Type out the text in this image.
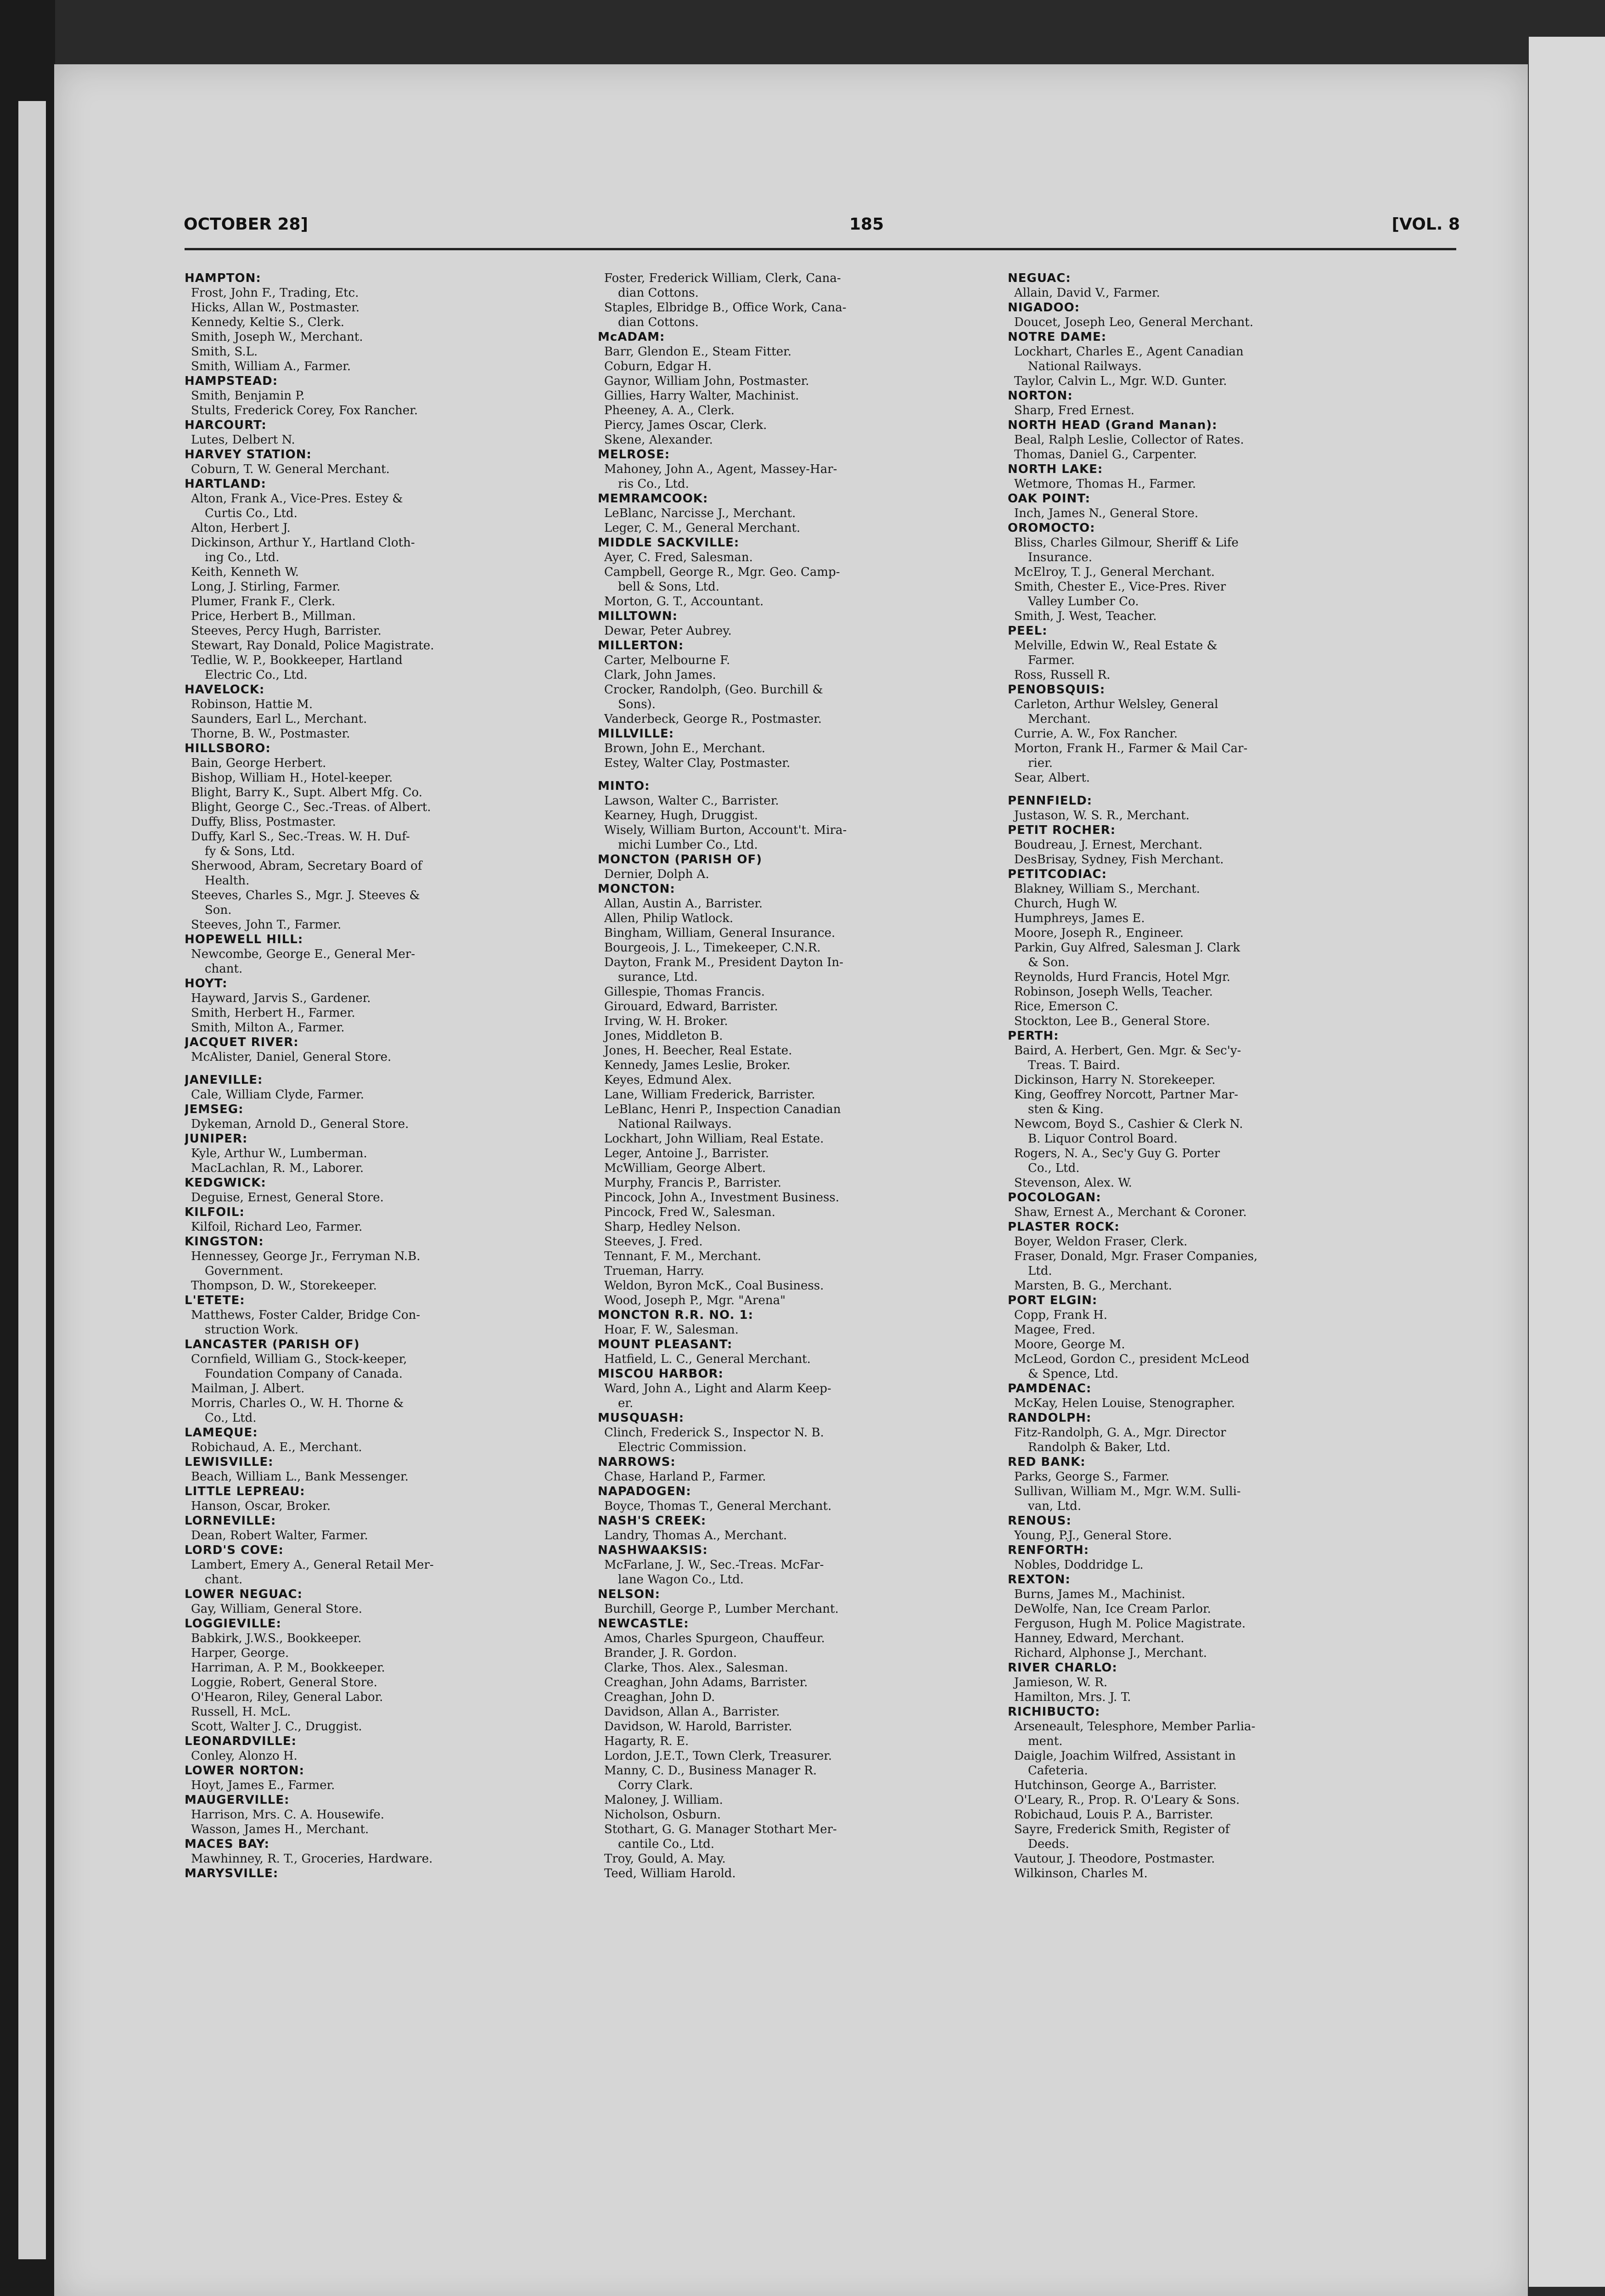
OCTOBER 28]	185	[VOL. 8
HAMPTON:
Frost, John F., Trading, Etc.
Hicks, Allan W., Postmaster.
Kennedy, Keltie S., Clerk.
Smith, Joseph W., Merchant.
Smith, S.L.
Smith, William A., Farmer.
HAMPSTEAD:
Smith, Benjamin P.
Stults, Frederick Corey, Fox Rancher.
HARCOURT:
Lutes, Delbert N.
HARVEY STATION:
Coburn, T. W. General Merchant.
HARTLAND:
Alton, Frank A., Vice-Pres. Estey &
Curtis Co., Ltd.
Alton, Herbert J.
Dickinson, Arthur Y., Hartland Cloth-
ing Co., Ltd.
Keith, Kenneth W.
Long, J. Stirling, Farmer.
Plumer, Frank F., Clerk.
Price, Herbert B., Millman.
Steeves, Percy Hugh, Barrister.
Stewart, Ray Donald, Police Magistrate.
Tedlie, W. P., Bookkeeper, Hartland
Electric Co., Ltd.
HAVELOCK:
Robinson, Hattie M.
Saunders, Earl L., Merchant.
Thorne, B. W., Postmaster.
HILLSBORO:
Bain, George Herbert.
Bishop, William H., Hotel-keeper.
Blight, Barry K., Supt. Albert Mfg. Co.
Blight, George C., Sec.-Treas. of Albert.
Duffy, Bliss, Postmaster.
Duffy, Karl S., Sec.-Treas. W. H. Duf-
fy & Sons, Ltd.
Sherwood, Abram, Secretary Board of
Health.
Steeves, Charles S., Mgr. J. Steeves &
Son.
Steeves, John T., Farmer.
HOPEWELL HILL:
Newcombe, George E., General Mer-
chant.
HOYT:
Hayward, Jarvis S., Gardener.
Smith, Herbert H., Farmer.
Smith, Milton A., Farmer.
JACQUET RIVER:
McAlister, Daniel, General Store.
JANEVILLE:
Cale, William Clyde, Farmer.
JEMSEG:
Dykeman, Arnold D., General Store.
JUNIPER:
Kyle, Arthur W., Lumberman.
MacLachlan, R. M., Laborer.
KEDGWICK:
Deguise, Ernest, General Store.
KILFOIL:
Kilfoil, Richard Leo, Farmer.
KINGSTON:
Hennessey, George Jr., Ferryman N.B.
Government.
Thompson, D. W., Storekeeper.
L'ETETE:
Matthews, Foster Calder, Bridge Con-
struction Work.
LANCASTER (PARISH OF)
Cornfield, William G., Stock-keeper,
Foundation Company of Canada.
Mailman, J. Albert.
Morris, Charles O., W. H. Thorne &
Co., Ltd.
LAMEQUE:
Robichaud, A. E., Merchant.
LEWISVILLE:
Beach, William L., Bank Messenger.
LITTLE LEPREAU:
Hanson, Oscar, Broker.
LORNEVILLE:
Dean, Robert Walter, Farmer.
LORD'S COVE:
Lambert, Emery A., General Retail Mer-
chant.
LOWER NEGUAC:
Gay, William, General Store.
LOGGIEVILLE:
Babkirk, J.W.S., Bookkeeper.
Harper, George.
Harriman, A. P. M., Bookkeeper.
Loggie, Robert, General Store.
O'Hearon, Riley, General Labor.
Russell, H. McL.
Scott, Walter J. C., Druggist.
LEONARDVILLE:
Conley, Alonzo H.
LOWER NORTON:
Hoyt, James E., Farmer.
MAUGERVILLE:
Harrison, Mrs. C. A. Housewife.
Wasson, James H., Merchant.
MACES BAY:
Mawhinney, R. T., Groceries, Hardware.
MARYSVILLE:
Foster, Frederick William, Clerk, Cana-
dian Cottons.
Staples, Elbridge B., Office Work, Cana-
dian Cottons.
McADAM:
Barr, Glendon E., Steam Fitter.
Coburn, Edgar H.
Gaynor, William John, Postmaster.
Gillies, Harry Walter, Machinist.
Pheeney, A. A., Clerk.
Piercy, James Oscar, Clerk.
Skene, Alexander.
MELROSE:
Mahoney, John A., Agent, Massey-Har-
ris Co., Ltd.
MEMRAMCOOK:
LeBlanc, Narcisse J., Merchant.
Leger, C. M., General Merchant.
MIDDLE SACKVILLE:
Ayer, C. Fred, Salesman.
Campbell, George R., Mgr. Geo. Camp-
bell & Sons, Ltd.
Morton, G. T., Accountant.
MILLTOWN:
Dewar, Peter Aubrey.
MILLERTON:
Carter, Melbourne F.
Clark, John James.
Crocker, Randolph, (Geo. Burchill &
Sons).
Vanderbeck, George R., Postmaster.
MILLVILLE:
Brown, John E., Merchant.
Estey, Walter Clay, Postmaster.
MINTO:
Lawson, Walter C., Barrister.
Kearney, Hugh, Druggist.
Wisely, William Burton, Account't. Mira-
michi Lumber Co., Ltd.
MONCTON (PARISH OF)
Dernier, Dolph A.
MONCTON:
Allan, Austin A., Barrister.
Allen, Philip Watlock.
Bingham, William, General Insurance.
Bourgeois, J. L., Timekeeper, C.N.R.
Dayton, Frank M., President Dayton In-
surance, Ltd.
Gillespie, Thomas Francis.
Girouard, Edward, Barrister.
Irving, W. H. Broker.
Jones, Middleton B.
Jones, H. Beecher, Real Estate.
Kennedy, James Leslie, Broker.
Keyes, Edmund Alex.
Lane, William Frederick, Barrister.
LeBlanc, Henri P., Inspection Canadian
National Railways.
Lockhart, John William, Real Estate.
Leger, Antoine J., Barrister.
McWilliam, George Albert.
Murphy, Francis P., Barrister.
Pincock, John A., Investment Business.
Pincock, Fred W., Salesman.
Sharp, Hedley Nelson.
Steeves, J. Fred.
Tennant, F. M., Merchant.
Trueman, Harry.
Weldon, Byron McK., Coal Business.
Wood, Joseph P., Mgr. "Arena"
MONCTON R.R. NO. 1:
Hoar, F. W., Salesman.
MOUNT PLEASANT:
Hatfield, L. C., General Merchant.
MISCOU HARBOR:
Ward, John A., Light and Alarm Keep-
er.
MUSQUASH:
Clinch, Frederick S., Inspector N. B.
Electric Commission.
NARROWS:
Chase, Harland P., Farmer.
NAPADOGEN:
Boyce, Thomas T., General Merchant.
NASH'S CREEK:
Landry, Thomas A., Merchant.
NASHWAAKSIS:
McFarlane, J. W., Sec.-Treas. McFar-
lane Wagon Co., Ltd.
NELSON:
Burchill, George P., Lumber Merchant.
NEWCASTLE:
Amos, Charles Spurgeon, Chauffeur.
Brander, J. R. Gordon.
Clarke, Thos. Alex., Salesman.
Creaghan, John Adams, Barrister.
Creaghan, John D.
Davidson, Allan A., Barrister.
Davidson, W. Harold, Barrister.
Hagarty, R. E.
Lordon, J.E.T., Town Clerk, Treasurer.
Manny, C. D., Business Manager R.
Corry Clark.
Maloney, J. William.
Nicholson, Osburn.
Stothart, G. G. Manager Stothart Mer-
cantile Co., Ltd.
Troy, Gould, A. May.
Teed, William Harold.
NEGUAC:
Allain, David V., Farmer.
NIGADOO:
Doucet, Joseph Leo, General Merchant.
NOTRE DAME:
Lockhart, Charles E., Agent Canadian
National Railways.
Taylor, Calvin L., Mgr. W.D. Gunter.
NORTON:
Sharp, Fred Ernest.
NORTH HEAD (Grand Manan):
Beal, Ralph Leslie, Collector of Rates.
Thomas, Daniel G., Carpenter.
NORTH LAKE:
Wetmore, Thomas H., Farmer.
OAK POINT:
Inch, James N., General Store.
OROMOCTO:
Bliss, Charles Gilmour, Sheriff & Life
Insurance.
McElroy, T. J., General Merchant.
Smith, Chester E., Vice-Pres. River
Valley Lumber Co.
Smith, J. West, Teacher.
PEEL:
Melville, Edwin W., Real Estate &
Farmer.
Ross, Russell R.
PENOBSQUIS:
Carleton, Arthur Welsley, General
Merchant.
Currie, A. W., Fox Rancher.
Morton, Frank H., Farmer & Mail Car-
rier.
Sear, Albert.
PENNFIELD:
Justason, W. S. R., Merchant.
PETIT ROCHER:
Boudreau, J. Ernest, Merchant.
DesBrisay, Sydney, Fish Merchant.
PETITCODIAC:
Blakney, William S., Merchant.
Church, Hugh W.
Humphreys, James E.
Moore, Joseph R., Engineer.
Parkin, Guy Alfred, Salesman J. Clark
& Son.
Reynolds, Hurd Francis, Hotel Mgr.
Robinson, Joseph Wells, Teacher.
Rice, Emerson C.
Stockton, Lee B., General Store.
PERTH:
Baird, A. Herbert, Gen. Mgr. & Sec'y-
Treas. T. Baird.
Dickinson, Harry N. Storekeeper.
King, Geoffrey Norcott, Partner Mar-
sten & King.
Newcom, Boyd S., Cashier & Clerk N.
B. Liquor Control Board.
Rogers, N. A., Sec'y Guy G. Porter
Co., Ltd.
Stevenson, Alex. W.
POCOLOGAN:
Shaw, Ernest A., Merchant & Coroner.
PLASTER ROCK:
Boyer, Weldon Fraser, Clerk.
Fraser, Donald, Mgr. Fraser Companies,
Ltd.
Marsten, B. G., Merchant.
PORT ELGIN:
Copp, Frank H.
Magee, Fred.
Moore, George M.
McLeod, Gordon C., president McLeod
& Spence, Ltd.
PAMDENAC:
McKay, Helen Louise, Stenographer.
RANDOLPH:
Fitz-Randolph, G. A., Mgr. Director
Randolph & Baker, Ltd.
RED BANK:
Parks, George S., Farmer.
Sullivan, William M., Mgr. W.M. Sulli-
van, Ltd.
RENOUS:
Young, P.J., General Store.
RENFORTH:
Nobles, Doddridge L.
REXTON:
Burns, James M., Machinist.
DeWolfe, Nan, Ice Cream Parlor.
Ferguson, Hugh M. Police Magistrate.
Hanney, Edward, Merchant.
Richard, Alphonse J., Merchant.
RIVER CHARLO:
Jamieson, W. R.
Hamilton, Mrs. J. T.
RICHIBUCTO:
Arseneault, Telesphore, Member Parlia-
ment.
Daigle, Joachim Wilfred, Assistant in
Cafeteria.
Hutchinson, George A., Barrister.
O'Leary, R., Prop. R. O'Leary & Sons.
Robichaud, Louis P. A., Barrister.
Sayre, Frederick Smith, Register of
Deeds.
Vautour, J. Theodore, Postmaster.
Wilkinson, Charles M.
